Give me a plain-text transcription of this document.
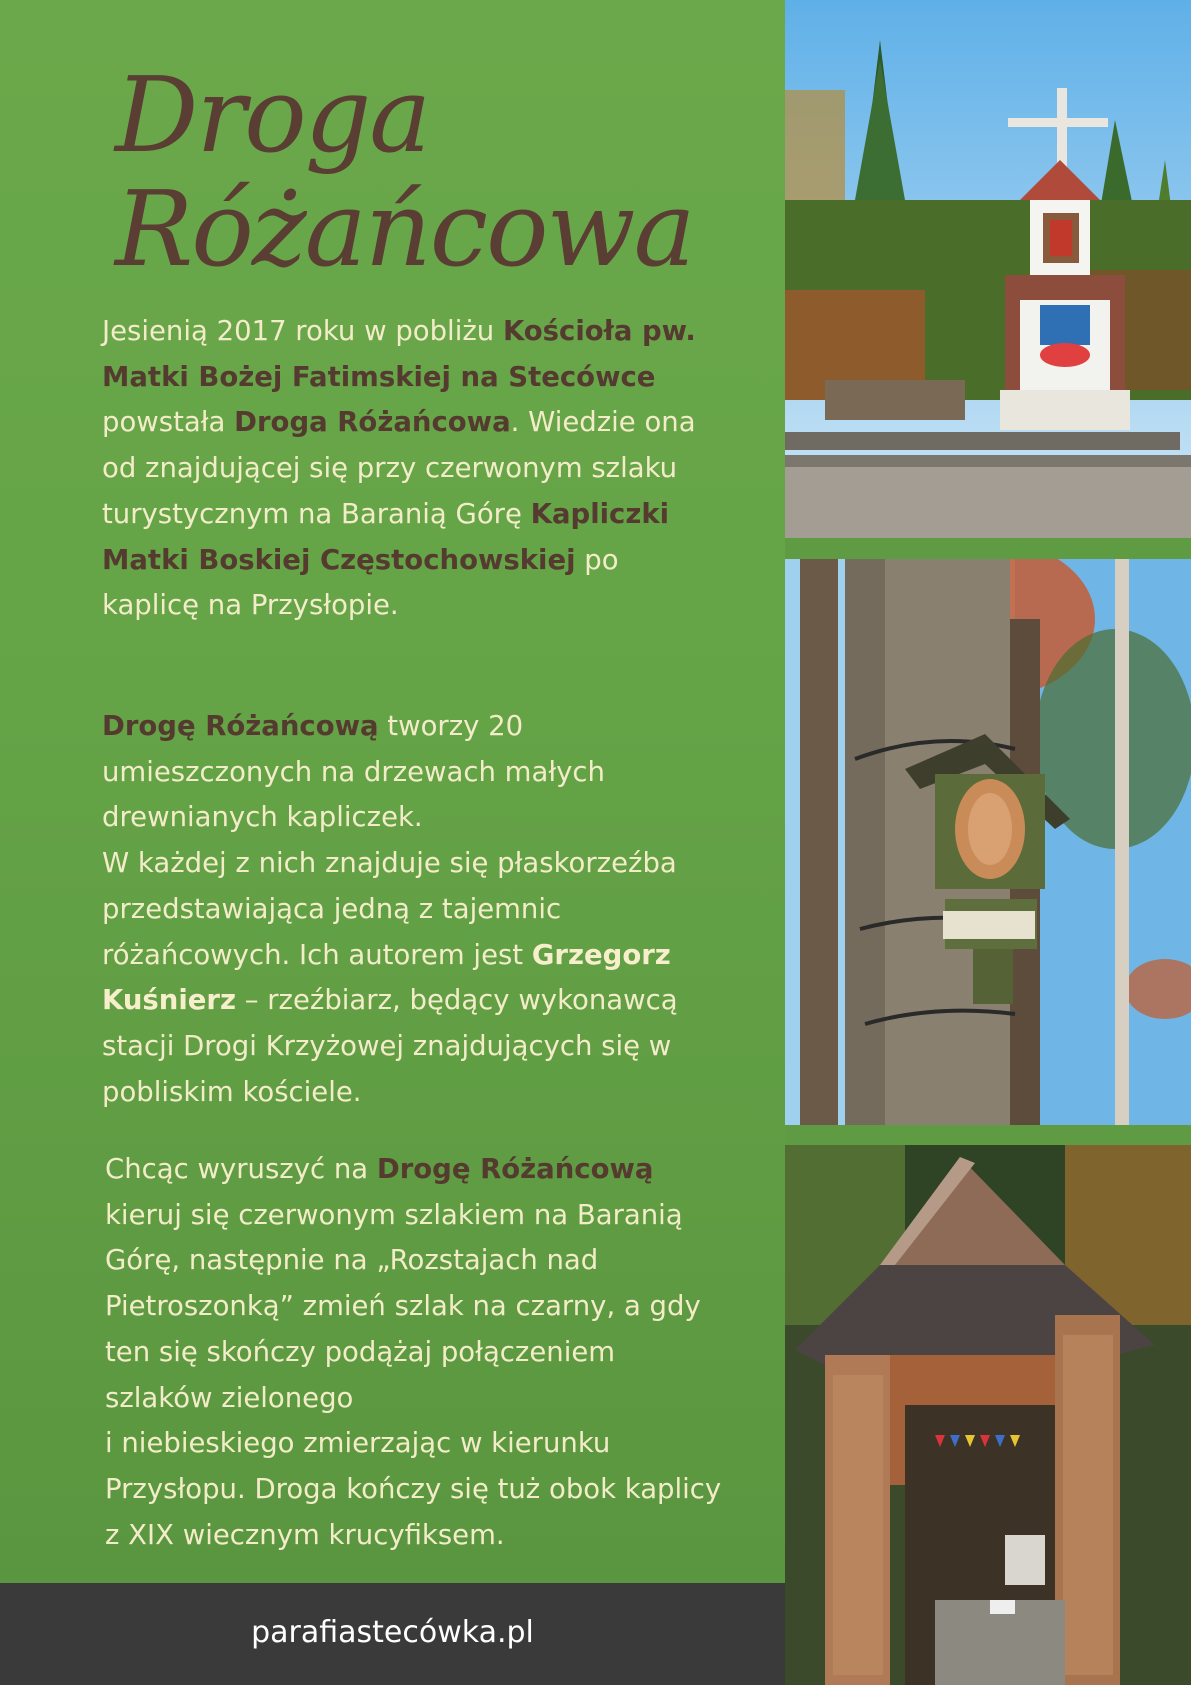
Droga
Różańcowa
Jesienią 2017 roku w pobliżu Kościoła pw. Matki Bożej Fatimskiej na Stecówce powstała Droga Różańcowa. Wiedzie ona od znajdującej się przy czerwonym szlaku turystycznym na Baranią Górę Kapliczki Matki Boskiej Częstochowskiej po kaplicę na Przysłopie.
Drogę Różańcową tworzy 20 umieszczonych na drzewach małych drewnianych kapliczek.
W każdej z nich znajduje się płaskorzeźba przedstawiająca jedną z tajemnic różańcowych. Ich autorem jest Grzegorz Kuśnierz – rzeźbiarz, będący wykonawcą stacji Drogi Krzyżowej znajdujących się w pobliskim kościele.
Chcąc wyruszyć na Drogę Różańcową kieruj się czerwonym szlakiem na Baranią Górę, następnie na „Rozstajach nad Pietroszonką” zmień szlak na czarny, a gdy ten się skończy podążaj połączeniem szlaków zielonego
i niebieskiego zmierzając w kierunku Przysłopu. Droga kończy się tuż obok kaplicy z XIX wiecznym krucyfiksem.
parafiastecówka.pl
